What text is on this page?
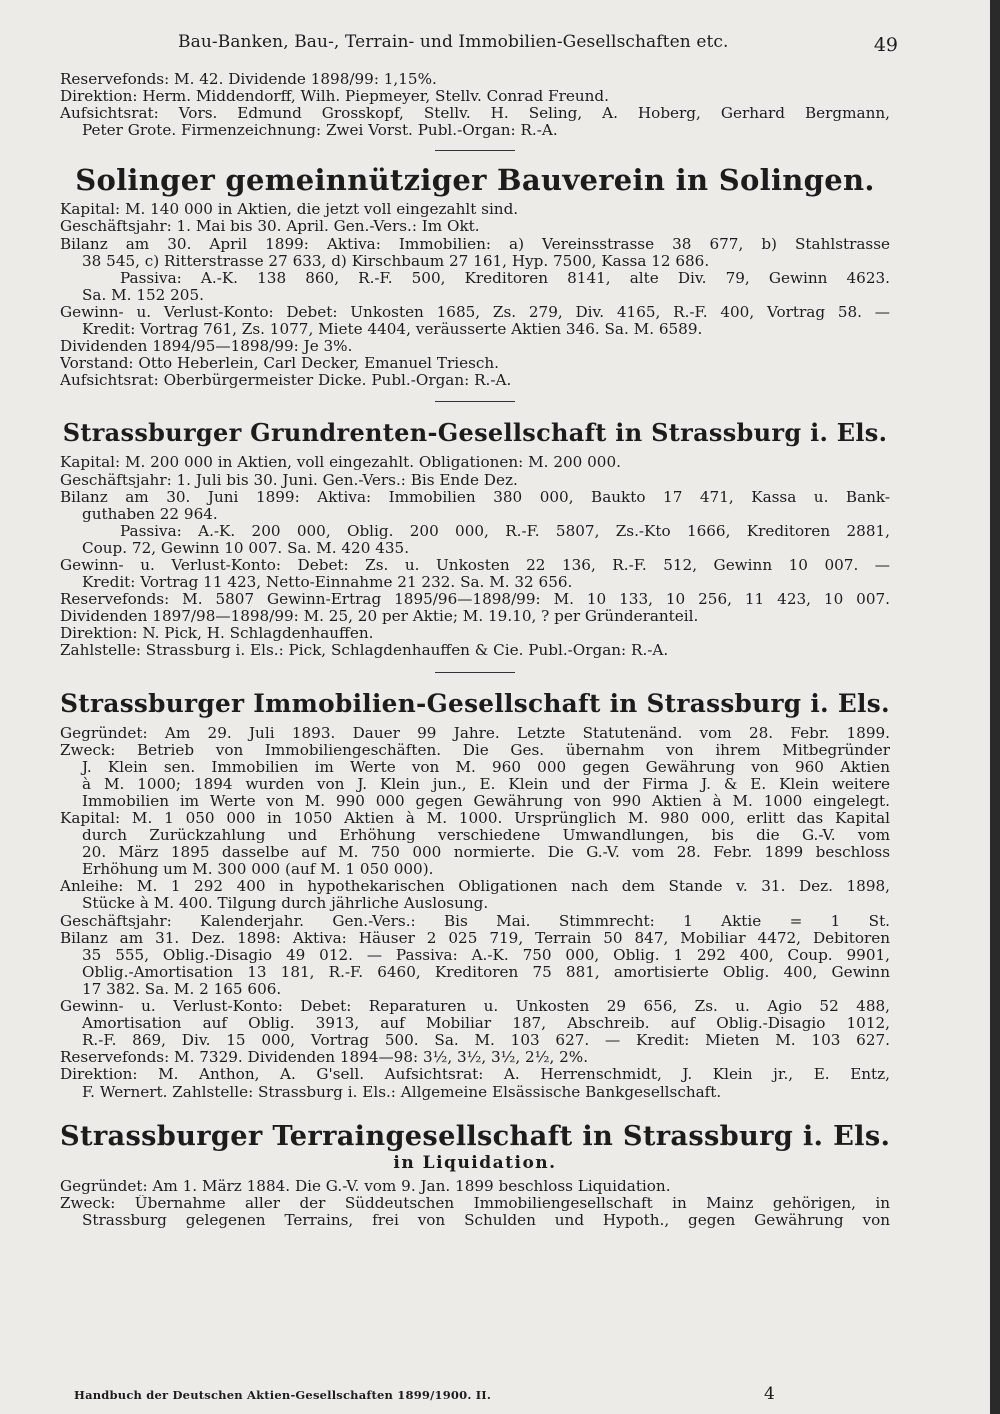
Bau-Banken, Bau-, Terrain- und Immobilien-Gesellschaften etc.	49
Reservefonds: M. 42. Dividende 1898/99: 1,15%.
Direktion: Herm. Middendorff, Wilh. Piepmeyer, Stellv. Conrad Freund.
Aufsichtsrat: Vors. Edmund Grosskopf, Stellv. H. Seling, A. Hoberg, Gerhard Bergmann,
Peter Grote. Firmenzeichnung: Zwei Vorst. Publ.-Organ: R.-A.
Solinger gemeinnütziger Bauverein in Solingen.
Kapital: M. 140 000 in Aktien, die jetzt voll eingezahlt sind.
Geschäftsjahr: 1. Mai bis 30. April. Gen.-Vers.: Im Okt.
Bilanz am 30. April 1899: Aktiva: Immobilien: a) Vereinsstrasse 38 677, b) Stahlstrasse
38 545, c) Ritterstrasse 27 633, d) Kirschbaum 27 161, Hyp. 7500, Kassa 12 686.
Passiva: A.-K. 138 860, R.-F. 500, Kreditoren 8141, alte Div. 79, Gewinn 4623.
Sa. M. 152 205.
Gewinn- u. Verlust-Konto: Debet: Unkosten 1685, Zs. 279, Div. 4165, R.-F. 400, Vortrag 58. —
Kredit: Vortrag 761, Zs. 1077, Miete 4404, veräusserte Aktien 346. Sa. M. 6589.
Dividenden 1894/95—1898/99: Je 3%.
Vorstand: Otto Heberlein, Carl Decker, Emanuel Triesch.
Aufsichtsrat: Oberbürgermeister Dicke. Publ.-Organ: R.-A.
Strassburger Grundrenten-Gesellschaft in Strassburg i. Els.
Kapital: M. 200 000 in Aktien, voll eingezahlt. Obligationen: M. 200 000.
Geschäftsjahr: 1. Juli bis 30. Juni. Gen.-Vers.: Bis Ende Dez.
Bilanz am 30. Juni 1899: Aktiva: Immobilien 380 000, Baukto 17 471, Kassa u. Bank-
guthaben 22 964.
Passiva: A.-K. 200 000, Oblig. 200 000, R.-F. 5807, Zs.-Kto 1666, Kreditoren 2881,
Coup. 72, Gewinn 10 007. Sa. M. 420 435.
Gewinn- u. Verlust-Konto: Debet: Zs. u. Unkosten 22 136, R.-F. 512, Gewinn 10 007. —
Kredit: Vortrag 11 423, Netto-Einnahme 21 232. Sa. M. 32 656.
Reservefonds: M. 5807 Gewinn-Ertrag 1895/96—1898/99: M. 10 133, 10 256, 11 423, 10 007.
Dividenden 1897/98—1898/99: M. 25, 20 per Aktie; M. 19.10, ? per Gründeranteil.
Direktion: N. Pick, H. Schlagdenhauffen.
Zahlstelle: Strassburg i. Els.: Pick, Schlagdenhauffen & Cie. Publ.-Organ: R.-A.
Strassburger Immobilien-Gesellschaft in Strassburg i. Els.
Gegründet: Am 29. Juli 1893. Dauer 99 Jahre. Letzte Statutenänd. vom 28. Febr. 1899.
Zweck: Betrieb von Immobiliengeschäften. Die Ges. übernahm von ihrem Mitbegründer
J. Klein sen. Immobilien im Werte von M. 960 000 gegen Gewährung von 960 Aktien
à M. 1000; 1894 wurden von J. Klein jun., E. Klein und der Firma J. & E. Klein weitere
Immobilien im Werte von M. 990 000 gegen Gewährung von 990 Aktien à M. 1000 eingelegt.
Kapital: M. 1 050 000 in 1050 Aktien à M. 1000. Ursprünglich M. 980 000, erlitt das Kapital
durch Zurückzahlung und Erhöhung verschiedene Umwandlungen, bis die G.-V. vom
20. März 1895 dasselbe auf M. 750 000 normierte. Die G.-V. vom 28. Febr. 1899 beschloss
Erhöhung um M. 300 000 (auf M. 1 050 000).
Anleihe: M. 1 292 400 in hypothekarischen Obligationen nach dem Stande v. 31. Dez. 1898,
Stücke à M. 400. Tilgung durch jährliche Auslosung.
Geschäftsjahr: Kalenderjahr. Gen.-Vers.: Bis Mai. Stimmrecht: 1 Aktie = 1 St.
Bilanz am 31. Dez. 1898: Aktiva: Häuser 2 025 719, Terrain 50 847, Mobiliar 4472, Debitoren
35 555, Oblig.-Disagio 49 012. — Passiva: A.-K. 750 000, Oblig. 1 292 400, Coup. 9901,
Oblig.-Amortisation 13 181, R.-F. 6460, Kreditoren 75 881, amortisierte Oblig. 400, Gewinn
17 382. Sa. M. 2 165 606.
Gewinn- u. Verlust-Konto: Debet: Reparaturen u. Unkosten 29 656, Zs. u. Agio 52 488,
Amortisation auf Oblig. 3913, auf Mobiliar 187, Abschreib. auf Oblig.-Disagio 1012,
R.-F. 869, Div. 15 000, Vortrag 500. Sa. M. 103 627. — Kredit: Mieten M. 103 627.
Reservefonds: M. 7329. Dividenden 1894—98: 3½, 3½, 3½, 2½, 2%.
Direktion: M. Anthon, A. G'sell. Aufsichtsrat: A. Herrenschmidt, J. Klein jr., E. Entz,
F. Wernert. Zahlstelle: Strassburg i. Els.: Allgemeine Elsässische Bankgesellschaft.
Strassburger Terraingesellschaft in Strassburg i. Els.
in Liquidation.
Gegründet: Am 1. März 1884. Die G.-V. vom 9. Jan. 1899 beschloss Liquidation.
Zweck: Übernahme aller der Süddeutschen Immobiliengesellschaft in Mainz gehörigen, in
Strassburg gelegenen Terrains, frei von Schulden und Hypoth., gegen Gewährung von
Handbuch der Deutschen Aktien-Gesellschaften 1899/1900. II.	4
